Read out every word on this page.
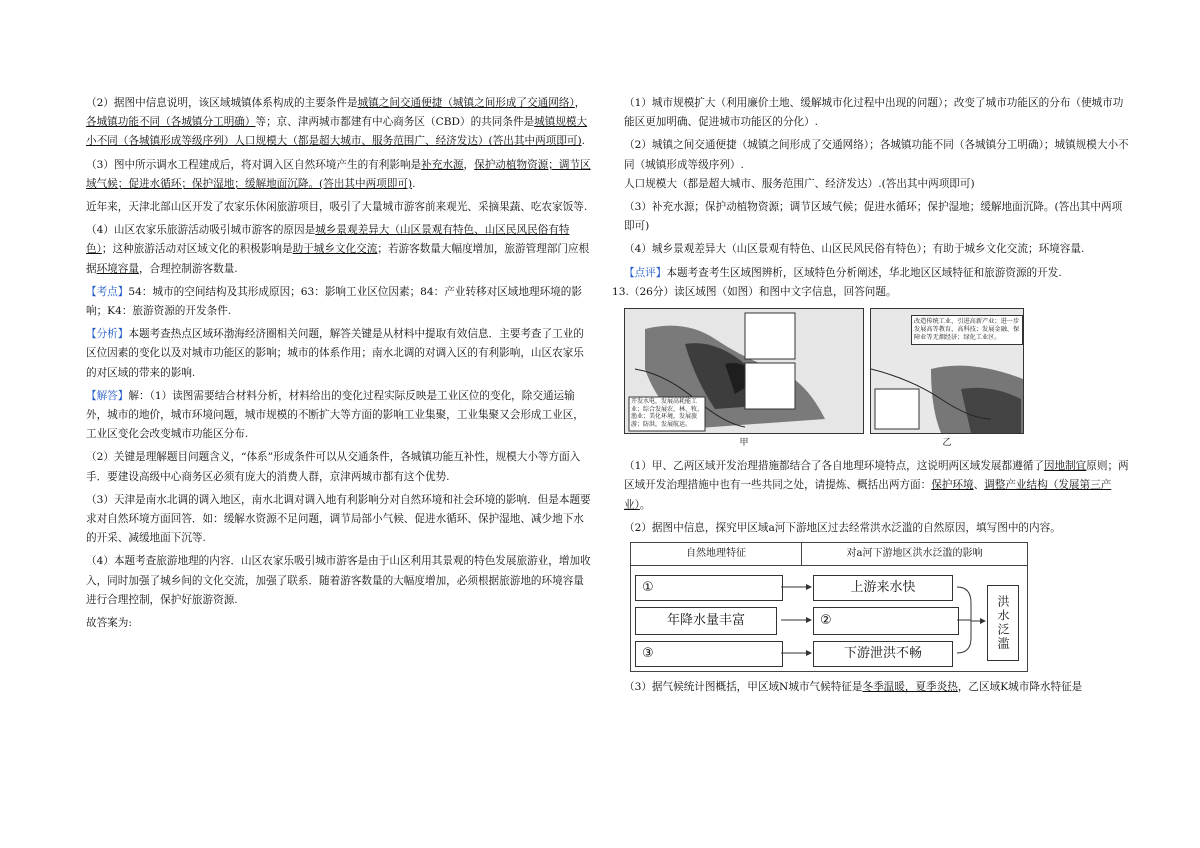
（2）据图中信息说明，该区域城镇体系构成的主要条件是城镇之间交通便捷（城镇之间形成了交通网络），各城镇功能不同（各城镇分工明确）等；京、津两城市都建有中心商务区（CBD）的共同条件是城镇规模大小不同（各城镇形成等级序列）人口规模大（都是超大城市、服务范围广、经济发达）(答出其中两项即可).

（3）图中所示调水工程建成后，将对调入区自然环境产生的有利影响是补充水源，保护动植物资源；调节区域气候；促进水循环；保护湿地；缓解地面沉降。(答出其中两项即可).

近年来，天津北部山区开发了农家乐休闲旅游项目，吸引了大量城市游客前来观光、采摘果蔬、吃农家饭等.

（4）山区农家乐旅游活动吸引城市游客的原因是城乡景观差异大（山区景观有特色、山区民风民俗有特色）；这种旅游活动对区域文化的积极影响是助于城乡文化交流；若游客数量大幅度增加，旅游管理部门应根据环境容量，合理控制游客数量.

【考点】54：城市的空间结构及其形成原因；63：影响工业区位因素；84：产业转移对区域地理环境的影响；K4：旅游资源的开发条件.

【分析】本题考查热点区域环渤海经济圈相关问题，解答关键是从材料中提取有效信息．主要考查了工业的区位因素的变化以及对城市功能区的影响；城市的体系作用；南水北调的对调入区的有利影响，山区农家乐的对区域的带来的影响.

【解答】解：（1）读图需要结合材料分析，材料给出的变化过程实际反映是工业区位的变化，除交通运输外，城市的地价，城市环境问题，城市规模的不断扩大等方面的影响工业集聚，工业集聚又会形成工业区，工业区变化会改变城市功能区分布.

（2）关键是理解题目问题含义，“体系”形成条件可以从交通条件，各城镇功能互补性，规模大小等方面入手．要建设高级中心商务区必须有庞大的消费人群，京津两城市都有这个优势.

（3）天津是南水北调的调入地区，南水北调对调入地有利影响分对自然环境和社会环境的影响．但是本题要求对自然环境方面回答．如：缓解水资源不足问题，调节局部小气候、促进水循环、保护湿地、减少地下水的开采、减缓地面下沉等.

（4）本题考查旅游地理的内容．山区农家乐吸引城市游客是由于山区利用其景观的特色发展旅游业，增加收入，同时加强了城乡间的文化交流，加强了联系．随着游客数量的大幅度增加，必须根据旅游地的环境容量进行合理控制，保护好旅游资源.

故答案为:

（1）城市规模扩大（利用廉价土地、缓解城市化过程中出现的问题）；改变了城市功能区的分布（使城市功能区更加明确、促进城市功能区的分化）.

（2）城镇之间交通便捷（城镇之间形成了交通网络）；各城镇功能不同（各城镇分工明确）；城镇规模大小不同（城镇形成等级序列）.

人口规模大（都是超大城市、服务范围广、经济发达）.(答出其中两项即可)

（3）补充水源；保护动植物资源；调节区域气候；促进水循环；保护湿地；缓解地面沉降。(答出其中两项即可)

（4）城乡景观差异大（山区景观有特色、山区民风民俗有特色）；有助于城乡文化交流；环境容量.

【点评】本题考查考生区域图辨析，区域特色分析阐述，华北地区区域特征和旅游资源的开发.

13.（26分）读区域图（如图）和图中文字信息，回答问题。

开发水电，发展高耗能工业；综合发展农、林、牧、渔业；美化环境，发展旅游；防洪，发展航运。
甲
改造传统工业，引进高新产业；进一步发展高等教育，高科技；发展金融、保障业等无烟经济；绿化工业区。
乙

（1）甲、乙两区域开发治理措施都结合了各自地理环境特点，这说明两区域发展都遵循了因地制宜原则；两区域开发治理措施中也有一些共同之处，请提炼、概括出两方面：保护环境、调整产业结构（发展第三产业）。

（2）据图中信息，探究甲区域a河下游地区过去经常洪水泛滥的自然原因，填写图中的内容。

自然地理特征	对a河下游地区洪水泛滥的影响
①
年降水量丰富
③
上游来水快
②
下游泄洪不畅
洪水泛滥

（3）据气候统计图概括，甲区域N城市气候特征是冬季温暖，夏季炎热，乙区域K城市降水特征是
